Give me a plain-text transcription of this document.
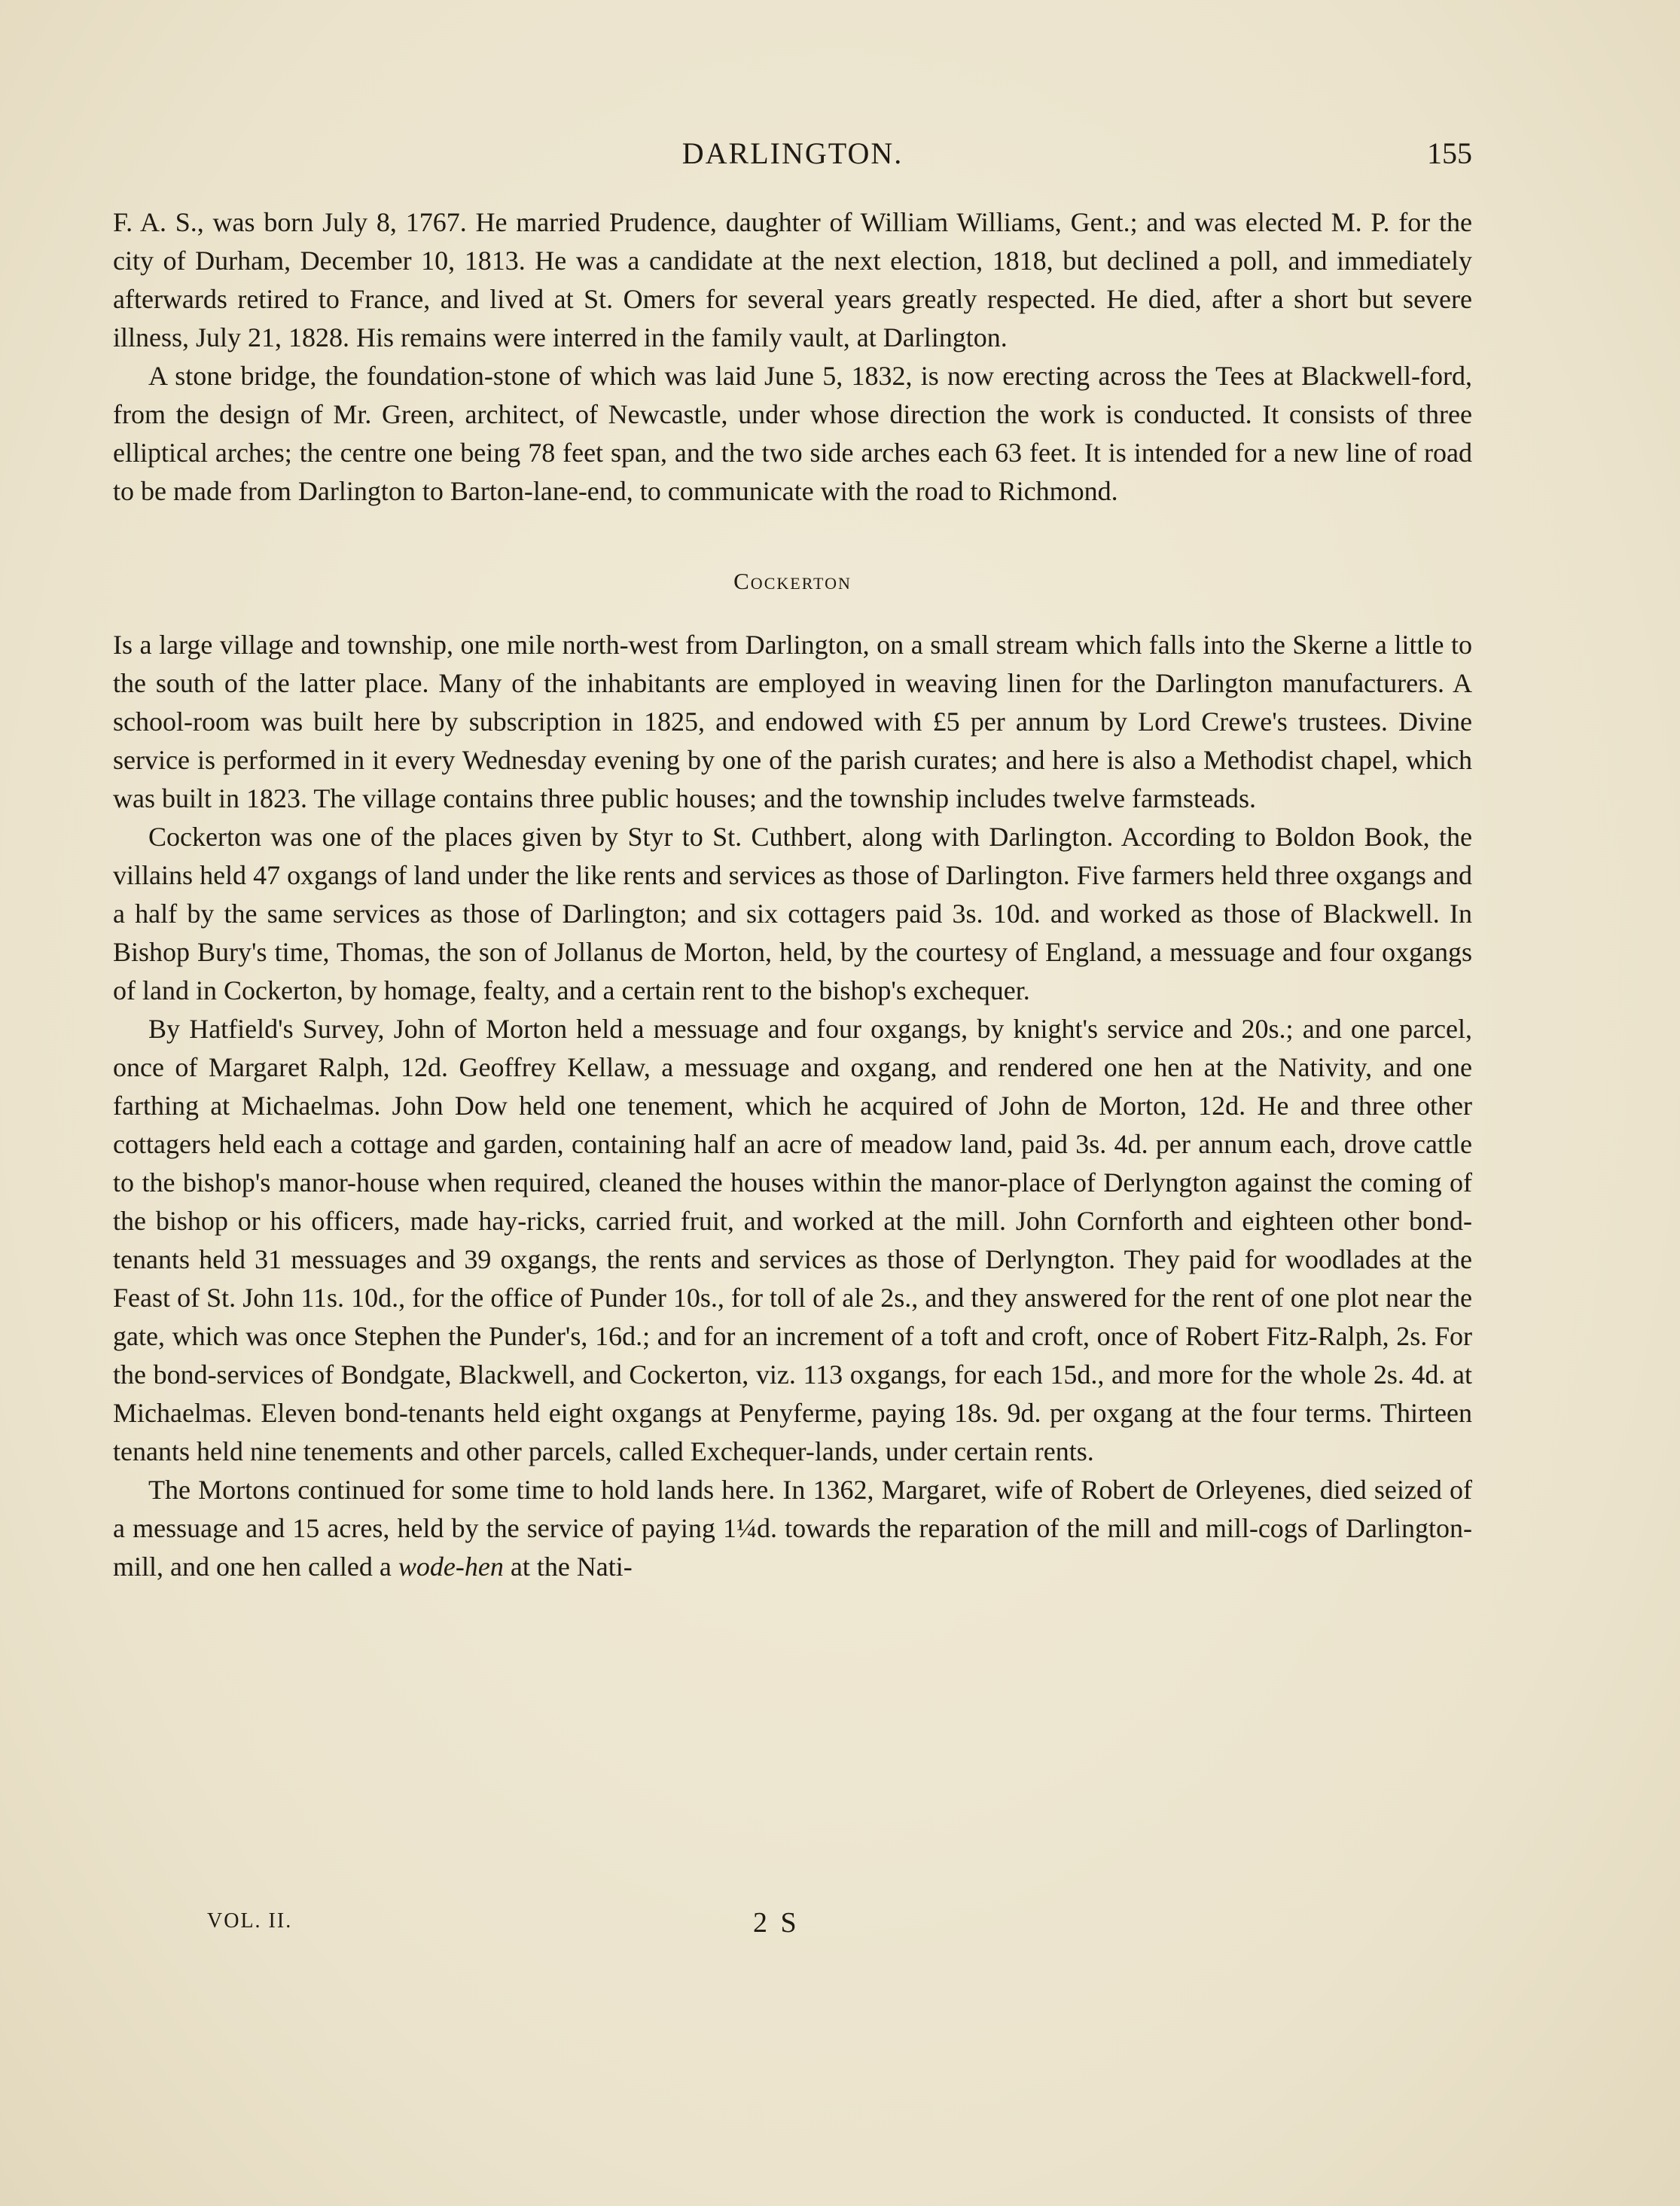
DARLINGTON.	155

F. A. S., was born July 8, 1767. He married Prudence, daughter of William Williams, Gent.; and was elected M. P. for the city of Durham, December 10, 1813. He was a candidate at the next election, 1818, but declined a poll, and immediately afterwards retired to France, and lived at St. Omers for several years greatly respected. He died, after a short but severe illness, July 21, 1828. His remains were interred in the family vault, at Darlington.

A stone bridge, the foundation-stone of which was laid June 5, 1832, is now erecting across the Tees at Blackwell-ford, from the design of Mr. Green, architect, of Newcastle, under whose direction the work is conducted. It consists of three elliptical arches; the centre one being 78 feet span, and the two side arches each 63 feet. It is intended for a new line of road to be made from Darlington to Barton-lane-end, to communicate with the road to Richmond.

Cockerton

Is a large village and township, one mile north-west from Darlington, on a small stream which falls into the Skerne a little to the south of the latter place. Many of the inhabitants are employed in weaving linen for the Darlington manufacturers. A school-room was built here by subscription in 1825, and endowed with £5 per annum by Lord Crewe's trustees. Divine service is performed in it every Wednesday evening by one of the parish curates; and here is also a Methodist chapel, which was built in 1823. The village contains three public houses; and the township includes twelve farmsteads.

Cockerton was one of the places given by Styr to St. Cuthbert, along with Darlington. According to Boldon Book, the villains held 47 oxgangs of land under the like rents and services as those of Darlington. Five farmers held three oxgangs and a half by the same services as those of Darlington; and six cottagers paid 3s. 10d. and worked as those of Blackwell. In Bishop Bury's time, Thomas, the son of Jollanus de Morton, held, by the courtesy of England, a messuage and four oxgangs of land in Cockerton, by homage, fealty, and a certain rent to the bishop's exchequer.

By Hatfield's Survey, John of Morton held a messuage and four oxgangs, by knight's service and 20s.; and one parcel, once of Margaret Ralph, 12d. Geoffrey Kellaw, a messuage and oxgang, and rendered one hen at the Nativity, and one farthing at Michaelmas. John Dow held one tenement, which he acquired of John de Morton, 12d. He and three other cottagers held each a cottage and garden, containing half an acre of meadow land, paid 3s. 4d. per annum each, drove cattle to the bishop's manor-house when required, cleaned the houses within the manor-place of Derlyngton against the coming of the bishop or his officers, made hay-ricks, carried fruit, and worked at the mill. John Cornforth and eighteen other bond-tenants held 31 messuages and 39 oxgangs, the rents and services as those of Derlyngton. They paid for woodlades at the Feast of St. John 11s. 10d., for the office of Punder 10s., for toll of ale 2s., and they answered for the rent of one plot near the gate, which was once Stephen the Punder's, 16d.; and for an increment of a toft and croft, once of Robert Fitz-Ralph, 2s. For the bond-services of Bondgate, Blackwell, and Cockerton, viz. 113 oxgangs, for each 15d., and more for the whole 2s. 4d. at Michaelmas. Eleven bond-tenants held eight oxgangs at Penyferme, paying 18s. 9d. per oxgang at the four terms. Thirteen tenants held nine tenements and other parcels, called Exchequer-lands, under certain rents.

The Mortons continued for some time to hold lands here. In 1362, Margaret, wife of Robert de Orleyenes, died seized of a messuage and 15 acres, held by the service of paying 1¼d. towards the reparation of the mill and mill-cogs of Darlington-mill, and one hen called a wode-hen at the Nati-

VOL. II.	2 S
